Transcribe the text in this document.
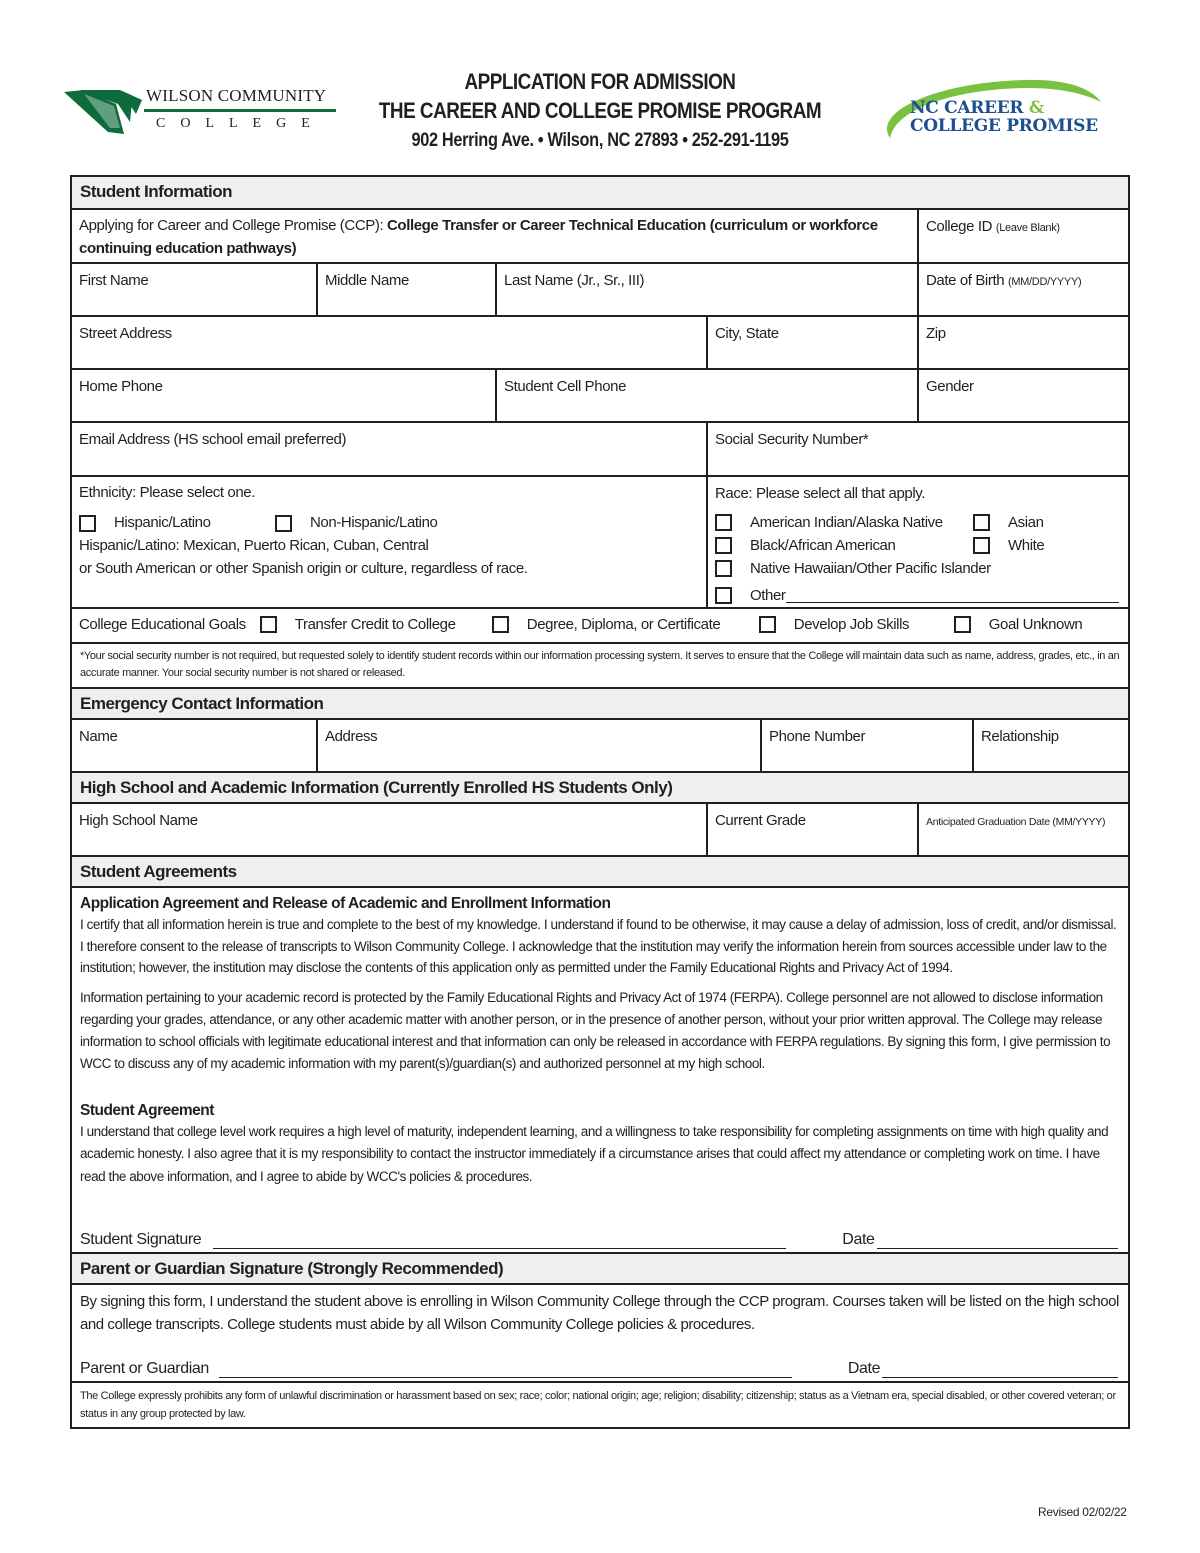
WILSON COMMUNITY
COLLEGE
APPLICATION FOR ADMISSION
THE CAREER AND COLLEGE PROMISE PROGRAM
902 Herring Ave. • Wilson, NC 27893 • 252-291-1195
NC CAREER &
COLLEGE PROMISE
Student Information
Applying for Career and College Promise (CCP): College Transfer or Career Technical Education (curriculum or workforce continuing education pathways)
College ID (Leave Blank)
First Name	Middle Name	Last Name (Jr., Sr., III)	Date of Birth (MM/DD/YYYY)
Street Address	City, State	Zip
Home Phone	Student Cell Phone	Gender
Email Address (HS school email preferred)	Social Security Number*
Ethnicity: Please select one.
Hispanic/Latino	Non-Hispanic/Latino
Hispanic/Latino: Mexican, Puerto Rican, Cuban, Central
or South American or other Spanish origin or culture, regardless of race.
Race: Please select all that apply.
American Indian/Alaska Native	Asian
Black/African American	White
Native Hawaiian/Other Pacific Islander
Other
College Educational Goals	Transfer Credit to College	Degree, Diploma, or Certificate	Develop Job Skills	Goal Unknown
*Your social security number is not required, but requested solely to identify student records within our information processing system. It serves to ensure that the College will maintain data such as name, address, grades, etc., in an accurate manner. Your social security number is not shared or released.
Emergency Contact Information
Name	Address	Phone Number	Relationship
High School and Academic Information (Currently Enrolled HS Students Only)
High School Name	Current Grade	Anticipated Graduation Date (MM/YYYY)
Student Agreements
Application Agreement and Release of Academic and Enrollment Information
I certify that all information herein is true and complete to the best of my knowledge. I understand if found to be otherwise, it may cause a delay of admission, loss of credit, and/or dismissal. I therefore consent to the release of transcripts to Wilson Community College. I acknowledge that the institution may verify the information herein from sources accessible under law to the institution; however, the institution may disclose the contents of this application only as permitted under the Family Educational Rights and Privacy Act of 1994.
Information pertaining to your academic record is protected by the Family Educational Rights and Privacy Act of 1974 (FERPA). College personnel are not allowed to disclose information regarding your grades, attendance, or any other academic matter with another person, or in the presence of another person, without your prior written approval. The College may release information to school officials with legitimate educational interest and that information can only be released in accordance with FERPA regulations. By signing this form, I give permission to WCC to discuss any of my academic information with my parent(s)/guardian(s) and authorized personnel at my high school.
Student Agreement
I understand that college level work requires a high level of maturity, independent learning, and a willingness to take responsibility for completing assignments on time with high quality and academic honesty. I also agree that it is my responsibility to contact the instructor immediately if a circumstance arises that could affect my attendance or completing work on time. I have read the above information, and I agree to abide by WCC's policies & procedures.
Student Signature	Date
Parent or Guardian Signature (Strongly Recommended)
By signing this form, I understand the student above is enrolling in Wilson Community College through the CCP program. Courses taken will be listed on the high school and college transcripts. College students must abide by all Wilson Community College policies & procedures.
Parent or Guardian	Date
The College expressly prohibits any form of unlawful discrimination or harassment based on sex; race; color; national origin; age; religion; disability; citizenship; status as a Vietnam era, special disabled, or other covered veteran; or status in any group protected by law.
Revised 02/02/22
